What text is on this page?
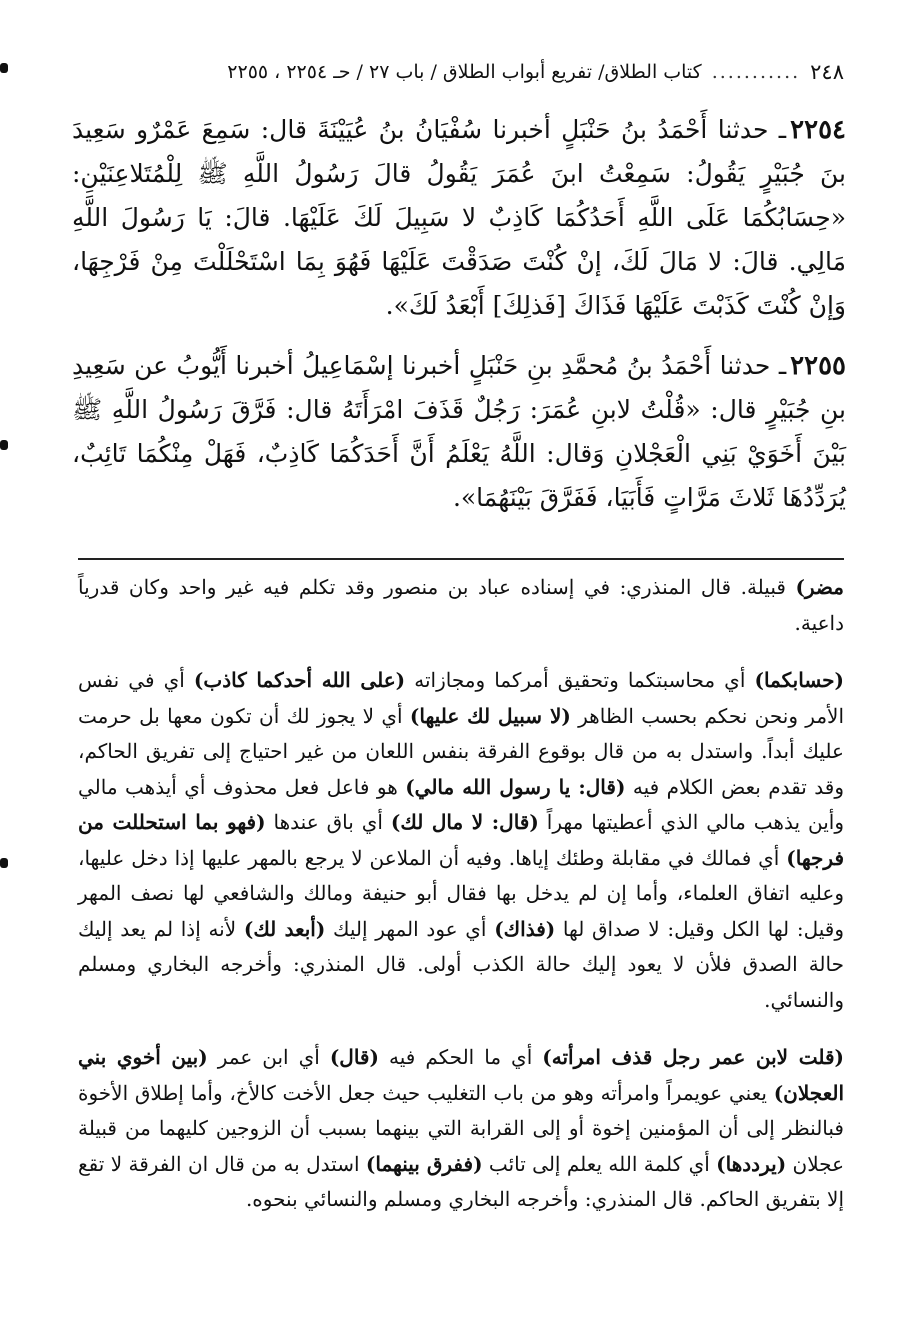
٢٤٨
...........
كتاب الطلاق/ تفريع أبواب الطلاق / باب ٢٧ / حـ ٢٢٥٤ ، ٢٢٥٥

٢٢٥٤ـ حدثنا أَحْمَدُ بنُ حَنْبَلٍ أخبرنا سُفْيَانُ بنُ عُيَيْنَةَ قال: سَمِعَ عَمْرٌو سَعِيدَ بنَ جُبَيْرٍ يَقُولُ: سَمِعْتُ ابنَ عُمَرَ يَقُولُ قالَ رَسُولُ اللَّهِ ﷺ لِلْمُتَلاعِنَيْنِ: «حِسَابُكُمَا عَلَى اللَّهِ أَحَدُكُمَا كَاذِبٌ لا سَبِيلَ لَكَ عَلَيْهَا. قالَ: يَا رَسُولَ اللَّهِ مَالِي. قالَ: لا مَالَ لَكَ، إنْ كُنْتَ صَدَقْتَ عَلَيْهَا فَهُوَ بِمَا اسْتَحْلَلْتَ مِنْ فَرْجِهَا، وَإنْ كُنْتَ كَذَبْتَ عَلَيْهَا فَذَاكَ [فَذلِكَ] أَبْعَدُ لَكَ».

٢٢٥٥ـ حدثنا أَحْمَدُ بنُ مُحمَّدِ بنِ حَنْبَلٍ أخبرنا إسْمَاعِيلُ أخبرنا أَيُّوبُ عن سَعِيدِ بنِ جُبَيْرٍ قال: «قُلْتُ لابنِ عُمَرَ: رَجُلٌ قَذَفَ امْرَأَتَهُ قال: فَرَّقَ رَسُولُ اللَّهِ ﷺ بَيْنَ أَخَوَيْ بَنِي الْعَجْلانِ وَقال: اللَّهُ يَعْلَمُ أَنَّ أَحَدَكُمَا كَاذِبٌ، فَهَلْ مِنْكُمَا تَائِبٌ، يُرَدِّدُهَا ثَلاثَ مَرَّاتٍ فَأَبَيَا، فَفَرَّقَ بَيْنَهُمَا».

مضر) قبيلة. قال المنذري: في إسناده عباد بن منصور وقد تكلم فيه غير واحد وكان قدرياً داعية.

(حسابكما) أي محاسبتكما وتحقيق أمركما ومجازاته (على الله أحدكما كاذب) أي في نفس الأمر ونحن نحكم بحسب الظاهر (لا سبيل لك عليها) أي لا يجوز لك أن تكون معها بل حرمت عليك أبداً. واستدل به من قال بوقوع الفرقة بنفس اللعان من غير احتياج إلى تفريق الحاكم، وقد تقدم بعض الكلام فيه (قال: يا رسول الله مالي) هو فاعل فعل محذوف أي أيذهب مالي وأين يذهب مالي الذي أعطيتها مهراً (قال: لا مال لك) أي باق عندها (فهو بما استحللت من فرجها) أي فمالك في مقابلة وطئك إياها. وفيه أن الملاعن لا يرجع بالمهر عليها إذا دخل عليها، وعليه اتفاق العلماء، وأما إن لم يدخل بها فقال أبو حنيفة ومالك والشافعي لها نصف المهر وقيل: لها الكل وقيل: لا صداق لها (فذاك) أي عود المهر إليك (أبعد لك) لأنه إذا لم يعد إليك حالة الصدق فلأن لا يعود إليك حالة الكذب أولى. قال المنذري: وأخرجه البخاري ومسلم والنسائي.

(قلت لابن عمر رجل قذف امرأته) أي ما الحكم فيه (قال) أي ابن عمر (بين أخوي بني العجلان) يعني عويمراً وامرأته وهو من باب التغليب حيث جعل الأخت كالأخ، وأما إطلاق الأخوة فبالنظر إلى أن المؤمنين إخوة أو إلى القرابة التي بينهما بسبب أن الزوجين كليهما من قبيلة عجلان (يرددها) أي كلمة الله يعلم إلى تائب (ففرق بينهما) استدل به من قال ان الفرقة لا تقع إلا بتفريق الحاكم. قال المنذري: وأخرجه البخاري ومسلم والنسائي بنحوه.
